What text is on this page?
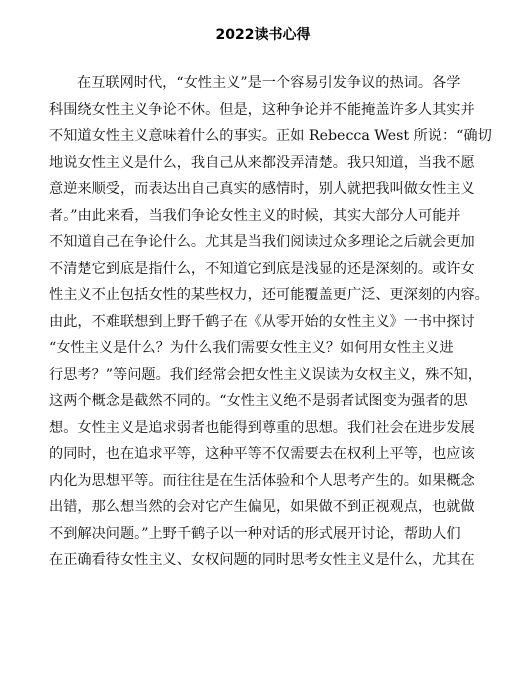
2022读书心得
在互联网时代，“女性主义”是一个容易引发争议的热词。各学
科围绕女性主义争论不休。但是，这种争论并不能掩盖许多人其实并
不知道女性主义意味着什么的事实。正如 Rebecca West 所说：“确切
地说女性主义是什么，我自己从来都没弄清楚。我只知道，当我不愿
意逆来顺受，而表达出自己真实的感情时，别人就把我叫做女性主义
者。”由此来看，当我们争论女性主义的时候，其实大部分人可能并
不知道自己在争论什么。尤其是当我们阅读过众多理论之后就会更加
不清楚它到底是指什么，不知道它到底是浅显的还是深刻的。或许女
性主义不止包括女性的某些权力，还可能覆盖更广泛、更深刻的内容。
由此，不难联想到上野千鹤子在《从零开始的女性主义》一书中探讨
“女性主义是什么？为什么我们需要女性主义？如何用女性主义进
行思考？”等问题。我们经常会把女性主义误读为女权主义，殊不知，
这两个概念是截然不同的。“女性主义绝不是弱者试图变为强者的思
想。女性主义是追求弱者也能得到尊重的思想。我们社会在进步发展
的同时，也在追求平等，这种平等不仅需要去在权利上平等，也应该
内化为思想平等。而往往是在生活体验和个人思考产生的。如果概念
出错，那么想当然的会对它产生偏见，如果做不到正视观点，也就做
不到解决问题。”上野千鹤子以一种对话的形式展开讨论，帮助人们
在正确看待女性主义、女权问题的同时思考女性主义是什么，尤其在
